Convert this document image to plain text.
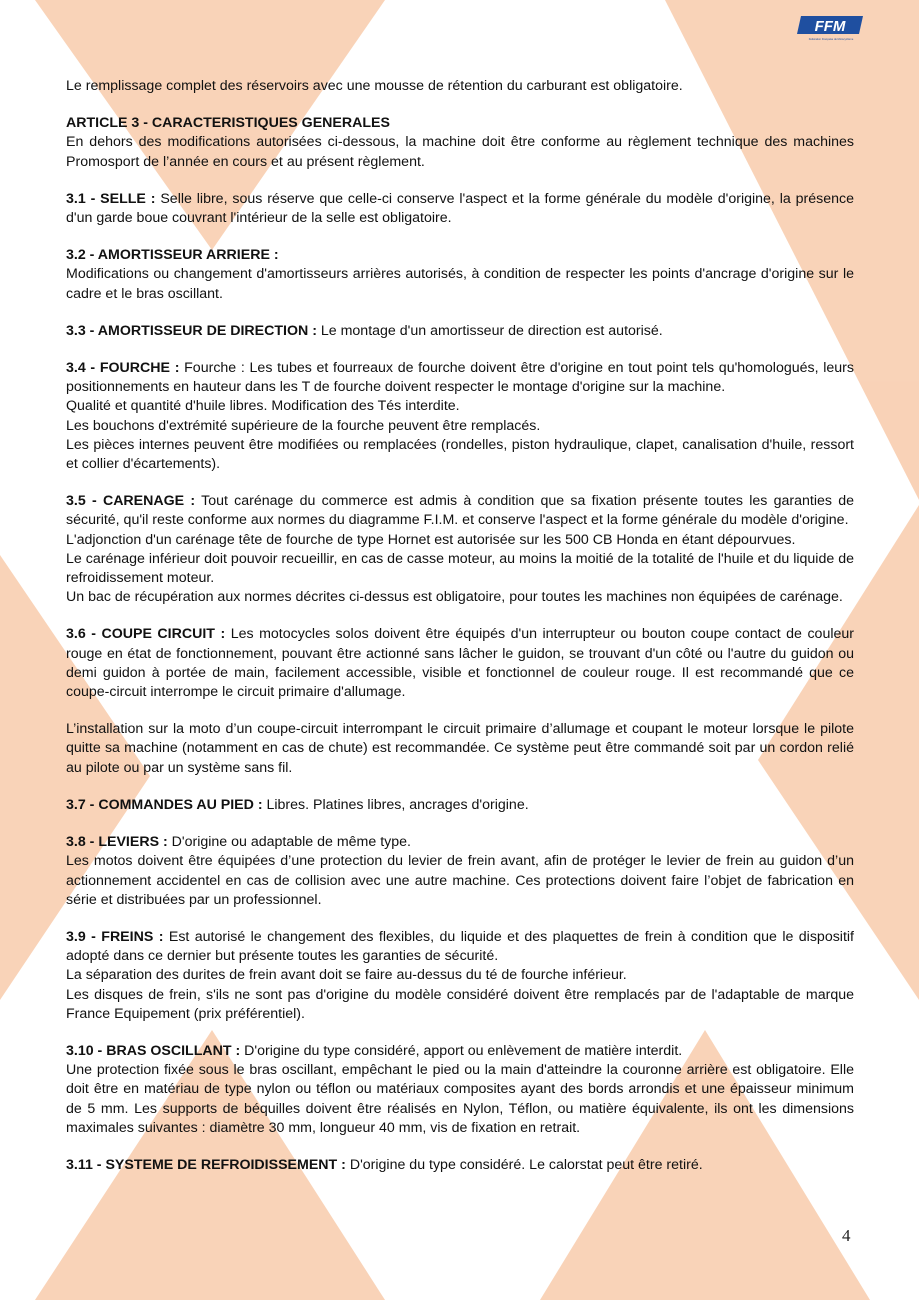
FFM
Fédération Française de Motocyclisme

Le remplissage complet des réservoirs avec une mousse de rétention du carburant est obligatoire.

ARTICLE 3 - CARACTERISTIQUES GENERALES

En dehors des modifications autorisées ci-dessous, la machine doit être conforme au règlement technique des machines Promosport de l’année en cours et au présent règlement.

3.1 - SELLE : Selle libre, sous réserve que celle-ci conserve l'aspect et la forme générale du modèle d'origine, la présence d'un garde boue couvrant l'intérieur de la selle est obligatoire.

3.2 - AMORTISSEUR ARRIERE :

Modifications ou changement d'amortisseurs arrières autorisés, à condition de respecter les points d'ancrage d'origine sur le cadre et le bras oscillant.

3.3 - AMORTISSEUR DE DIRECTION : Le montage d'un amortisseur de direction est autorisé.

3.4 - FOURCHE : Fourche : Les tubes et fourreaux de fourche doivent être d'origine en tout point tels qu'homologués, leurs positionnements en hauteur dans les T de fourche doivent respecter le montage d'origine sur la machine.

Qualité et quantité d'huile libres. Modification des Tés interdite.

Les bouchons d'extrémité supérieure de la fourche peuvent être remplacés.

Les pièces internes peuvent être modifiées ou remplacées (rondelles, piston hydraulique, clapet, canalisation d'huile, ressort et collier d'écartements).

3.5 - CARENAGE : Tout carénage du commerce est admis à condition que sa fixation présente toutes les garanties de sécurité, qu'il reste conforme aux normes du diagramme F.I.M. et conserve l'aspect et la forme générale du modèle d'origine.

L'adjonction d'un carénage tête de fourche de type Hornet est autorisée sur les 500 CB Honda en étant dépourvues.

Le carénage inférieur doit pouvoir recueillir, en cas de casse moteur, au moins la moitié de la totalité de l'huile et du liquide de refroidissement moteur.

Un bac de récupération aux normes décrites ci-dessus est obligatoire, pour toutes les machines non équipées de carénage.

3.6 - COUPE CIRCUIT : Les motocycles solos doivent être équipés d'un interrupteur ou bouton coupe contact de couleur rouge en état de fonctionnement, pouvant être actionné sans lâcher le guidon, se trouvant d'un côté ou l'autre du guidon ou demi guidon à portée de main, facilement accessible, visible et fonctionnel de couleur rouge. Il est recommandé que ce coupe-circuit interrompe le circuit primaire d'allumage.

L’installation sur la moto d’un coupe-circuit interrompant le circuit primaire d’allumage et coupant le moteur lorsque le pilote quitte sa machine (notamment en cas de chute) est recommandée. Ce système peut être commandé soit par un cordon relié au pilote ou par un système sans fil.

3.7 - COMMANDES AU PIED : Libres. Platines libres, ancrages d'origine.

3.8 - LEVIERS : D'origine ou adaptable de même type.

Les motos doivent être équipées d’une protection du levier de frein avant, afin de protéger le levier de frein au guidon d’un actionnement accidentel en cas de collision avec une autre machine. Ces protections doivent faire l’objet de fabrication en série et distribuées par un professionnel.

3.9 - FREINS : Est autorisé le changement des flexibles, du liquide et des plaquettes de frein à condition que le dispositif adopté dans ce dernier but présente toutes les garanties de sécurité.

La séparation des durites de frein avant doit se faire au-dessus du té de fourche inférieur.

Les disques de frein, s'ils ne sont pas d'origine du modèle considéré doivent être remplacés par de l'adaptable de marque France Equipement (prix préférentiel).

3.10 - BRAS OSCILLANT : D'origine du type considéré, apport ou enlèvement de matière interdit.

Une protection fixée sous le bras oscillant, empêchant le pied ou la main d'atteindre la couronne arrière est obligatoire. Elle doit être en matériau de type nylon ou téflon ou matériaux composites ayant des bords arrondis et une épaisseur minimum de 5 mm. Les supports de béquilles doivent être réalisés en Nylon, Téflon, ou matière équivalente, ils ont les dimensions maximales suivantes : diamètre 30 mm, longueur 40 mm, vis de fixation en retrait.

3.11 - SYSTEME DE REFROIDISSEMENT : D'origine du type considéré. Le calorstat peut être retiré.

4
